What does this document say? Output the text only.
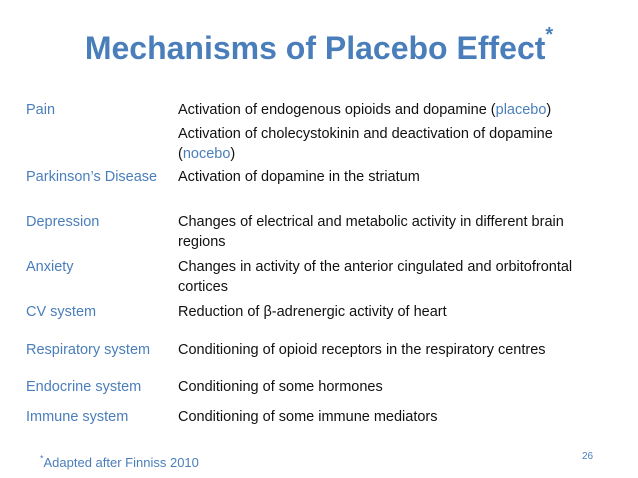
Mechanisms of Placebo Effect*
Pain	Activation of endogenous opioids and dopamine (placebo)
Activation of cholecystokinin and deactivation of dopamine (nocebo)
Parkinson’s Disease	Activation of dopamine in the striatum
Depression	Changes of electrical and metabolic activity in different brain regions
Anxiety	Changes in activity of the anterior cingulated and orbitofrontal cortices
CV system	Reduction of β-adrenergic activity of heart
Respiratory system	Conditioning of opioid receptors in the respiratory centres
Endocrine system	Conditioning of some hormones
Immune system	Conditioning of some immune mediators
26
*Adapted after Finniss 2010
